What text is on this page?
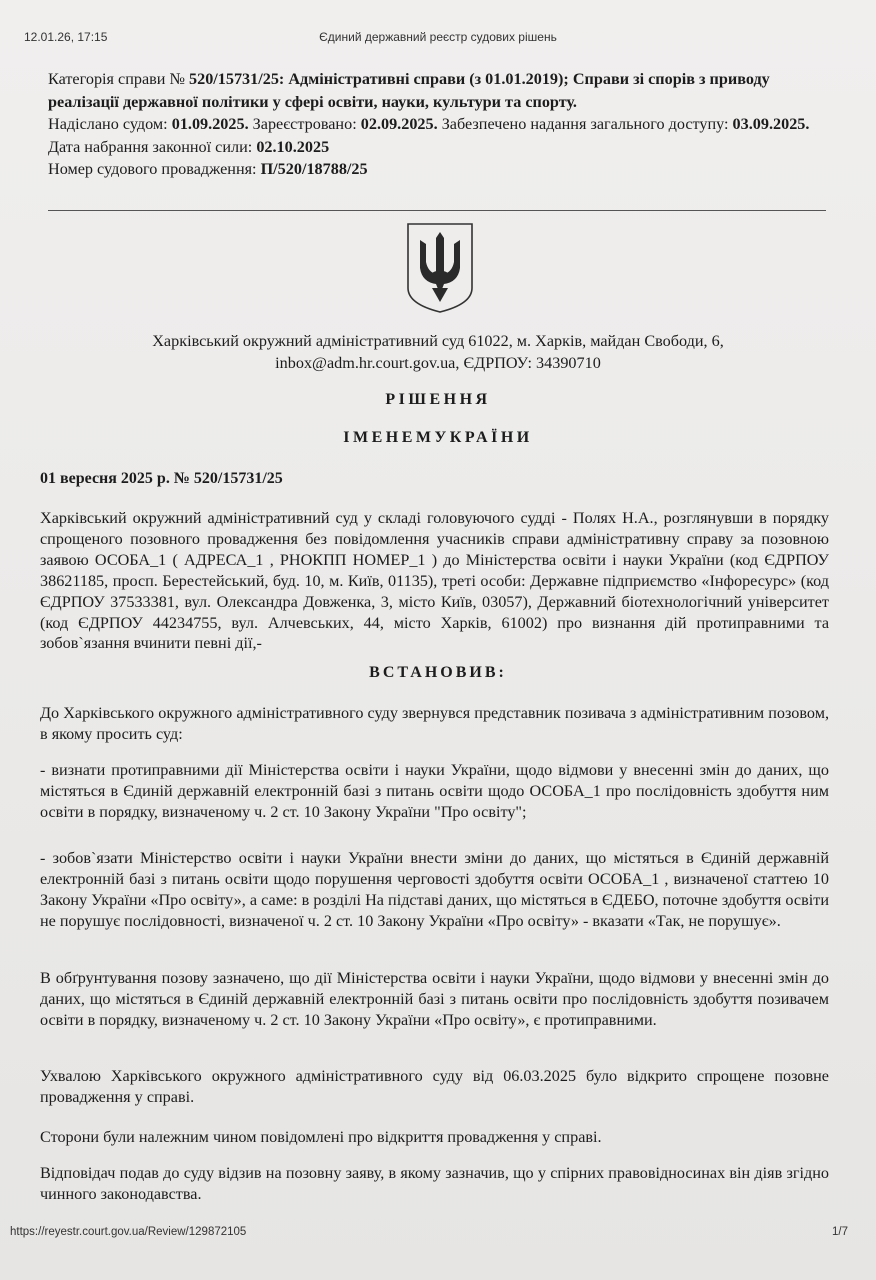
12.01.26, 17:15	Єдиний державний реєстр судових рішень
Категорія справи № 520/15731/25: Адміністративні справи (з 01.01.2019); Справи зі спорів з приводу реалізації державної політики у сфері освіти, науки, культури та спорту.
Надіслано судом: 01.09.2025. Зареєстровано: 02.09.2025. Забезпечено надання загального доступу: 03.09.2025.
Дата набрання законної сили: 02.10.2025
Номер судового провадження: П/520/18788/25
Харківський окружний адміністративний суд 61022, м. Харків, майдан Свободи, 6,
inbox@adm.hr.court.gov.ua, ЄДРПОУ: 34390710
РІШЕННЯ
ІМЕНЕМУКРАЇНИ
01 вересня 2025 р. № 520/15731/25
Харківський окружний адміністративний суд у складі головуючого судді - Полях Н.А., розглянувши в порядку спрощеного позовного провадження без повідомлення учасників справи адміністративну справу за позовною заявою ОСОБА_1 ( АДРЕСА_1 , РНОКПП НОМЕР_1 ) до Міністерства освіти і науки України (код ЄДРПОУ 38621185, просп. Берестейський, буд. 10, м. Київ, 01135), треті особи: Державне підприємство «Інфоресурс» (код ЄДРПОУ 37533381, вул. Олександра Довженка, 3, місто Київ, 03057), Державний біотехнологічний університет (код ЄДРПОУ 44234755, вул. Алчевських, 44, місто Харків, 61002) про визнання дій протиправними та зобов`язання вчинити певні дії,-
ВСТАНОВИВ:
До Харківського окружного адміністративного суду звернувся представник позивача з адміністративним позовом, в якому просить суд:
- визнати протиправними дії Міністерства освіти і науки України, щодо відмови у внесенні змін до даних, що містяться в Єдиній державній електронній базі з питань освіти щодо ОСОБА_1 про послідовність здобуття ним освіти в порядку, визначеному ч. 2 ст. 10 Закону України "Про освіту";
- зобов`язати Міністерство освіти і науки України внести зміни до даних, що містяться в Єдиній державній електронній базі з питань освіти щодо порушення черговості здобуття освіти ОСОБА_1 , визначеної статтею 10 Закону України «Про освіту», а саме: в розділі На підставі даних, що містяться в ЄДЕБО, поточне здобуття освіти не порушує послідовності, визначеної ч. 2 ст. 10 Закону України «Про освіту» - вказати «Так, не порушує».
В обґрунтування позову зазначено, що дії Міністерства освіти і науки України, щодо відмови у внесенні змін до даних, що містяться в Єдиній державній електронній базі з питань освіти про послідовність здобуття позивачем освіти в порядку, визначеному ч. 2 ст. 10 Закону України «Про освіту», є протиправними.
Ухвалою Харківського окружного адміністративного суду від 06.03.2025 було відкрито спрощене позовне провадження у справі.
Сторони були належним чином повідомлені про відкриття провадження у справі.
Відповідач подав до суду відзив на позовну заяву, в якому зазначив, що у спірних правовідносинах він діяв згідно чинного законодавства.
https://reyestr.court.gov.ua/Review/129872105	1/7
